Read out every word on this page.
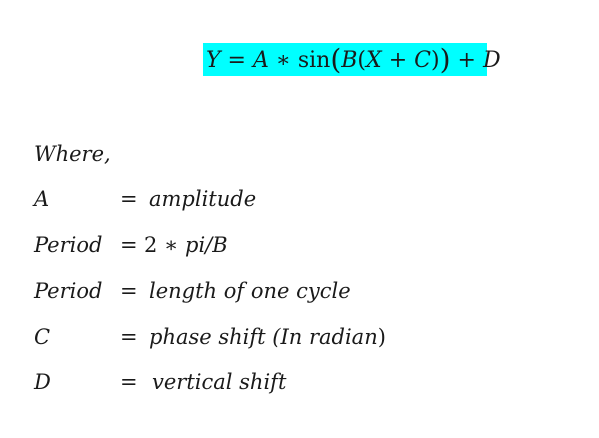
Y = A ∗ sin(B(X + C)) + D
Where,
A	= amplitude
Period = 2 ∗ pi/B
Period = length of one cycle
C	= phase shift (In radian)
D	= vertical shift
